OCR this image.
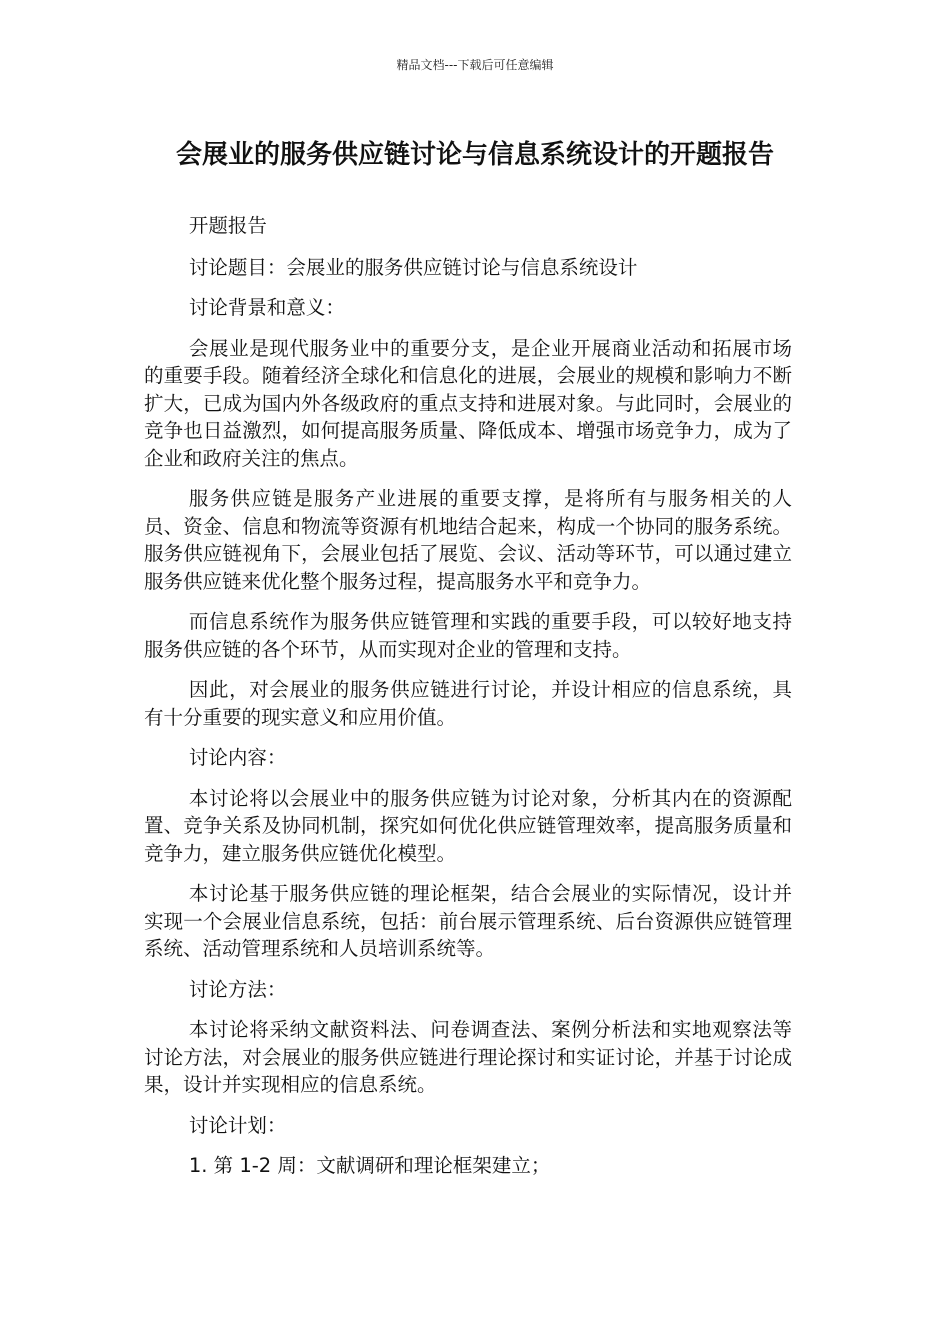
精品文档---下载后可任意编辑
会展业的服务供应链讨论与信息系统设计的开题报告

开题报告

讨论题目：会展业的服务供应链讨论与信息系统设计

讨论背景和意义：

会展业是现代服务业中的重要分支，是企业开展商业活动和拓展市场的重要手段。随着经济全球化和信息化的进展，会展业的规模和影响力不断扩大，已成为国内外各级政府的重点支持和进展对象。与此同时，会展业的竞争也日益激烈，如何提高服务质量、降低成本、增强市场竞争力，成为了企业和政府关注的焦点。

服务供应链是服务产业进展的重要支撑，是将所有与服务相关的人员、资金、信息和物流等资源有机地结合起来，构成一个协同的服务系统。服务供应链视角下，会展业包括了展览、会议、活动等环节，可以通过建立服务供应链来优化整个服务过程，提高服务水平和竞争力。

而信息系统作为服务供应链管理和实践的重要手段，可以较好地支持服务供应链的各个环节，从而实现对企业的管理和支持。

因此，对会展业的服务供应链进行讨论，并设计相应的信息系统，具有十分重要的现实意义和应用价值。

讨论内容：

本讨论将以会展业中的服务供应链为讨论对象，分析其内在的资源配置、竞争关系及协同机制，探究如何优化供应链管理效率，提高服务质量和竞争力，建立服务供应链优化模型。

本讨论基于服务供应链的理论框架，结合会展业的实际情况，设计并实现一个会展业信息系统，包括：前台展示管理系统、后台资源供应链管理系统、活动管理系统和人员培训系统等。

讨论方法：

本讨论将采纳文献资料法、问卷调查法、案例分析法和实地观察法等讨论方法，对会展业的服务供应链进行理论探讨和实证讨论，并基于讨论成果，设计并实现相应的信息系统。

讨论计划：

1. 第 1-2 周：文献调研和理论框架建立；
